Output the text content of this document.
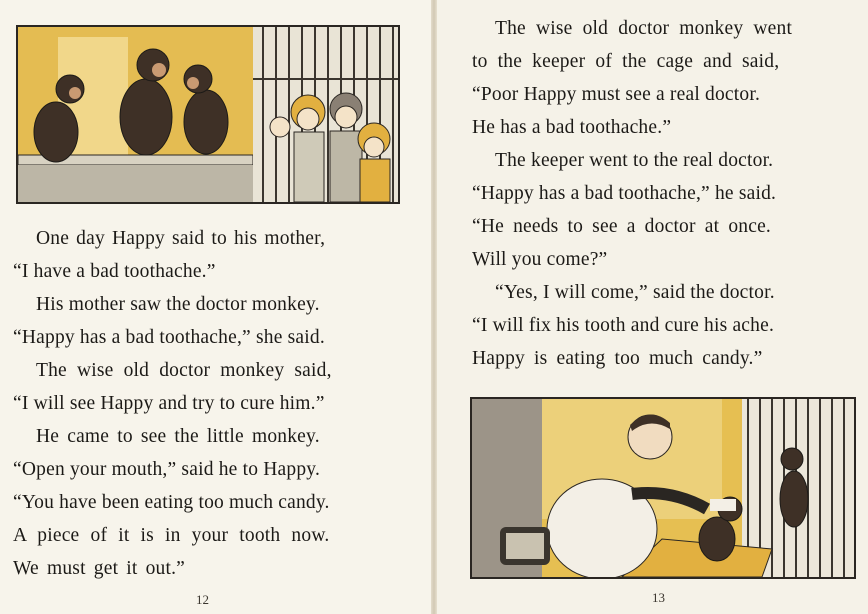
One day Happy said to his mother,
“I have a bad toothache.”
His mother saw the doctor monkey.
“Happy has a bad toothache,” she said.
The wise old doctor monkey said,
“I will see Happy and try to cure him.”
He came to see the little monkey.
“Open your mouth,” said he to Happy.
“You have been eating too much candy.
A piece of it is in your tooth now.
We must get it out.”
12
The wise old doctor monkey went
to the keeper of the cage and said,
“Poor Happy must see a real doctor.
He has a bad toothache.”
The keeper went to the real doctor.
“Happy has a bad toothache,” he said.
“He needs to see a doctor at once.
Will you come?”
“Yes, I will come,” said the doctor.
“I will fix his tooth and cure his ache.
Happy is eating too much candy.”
13
